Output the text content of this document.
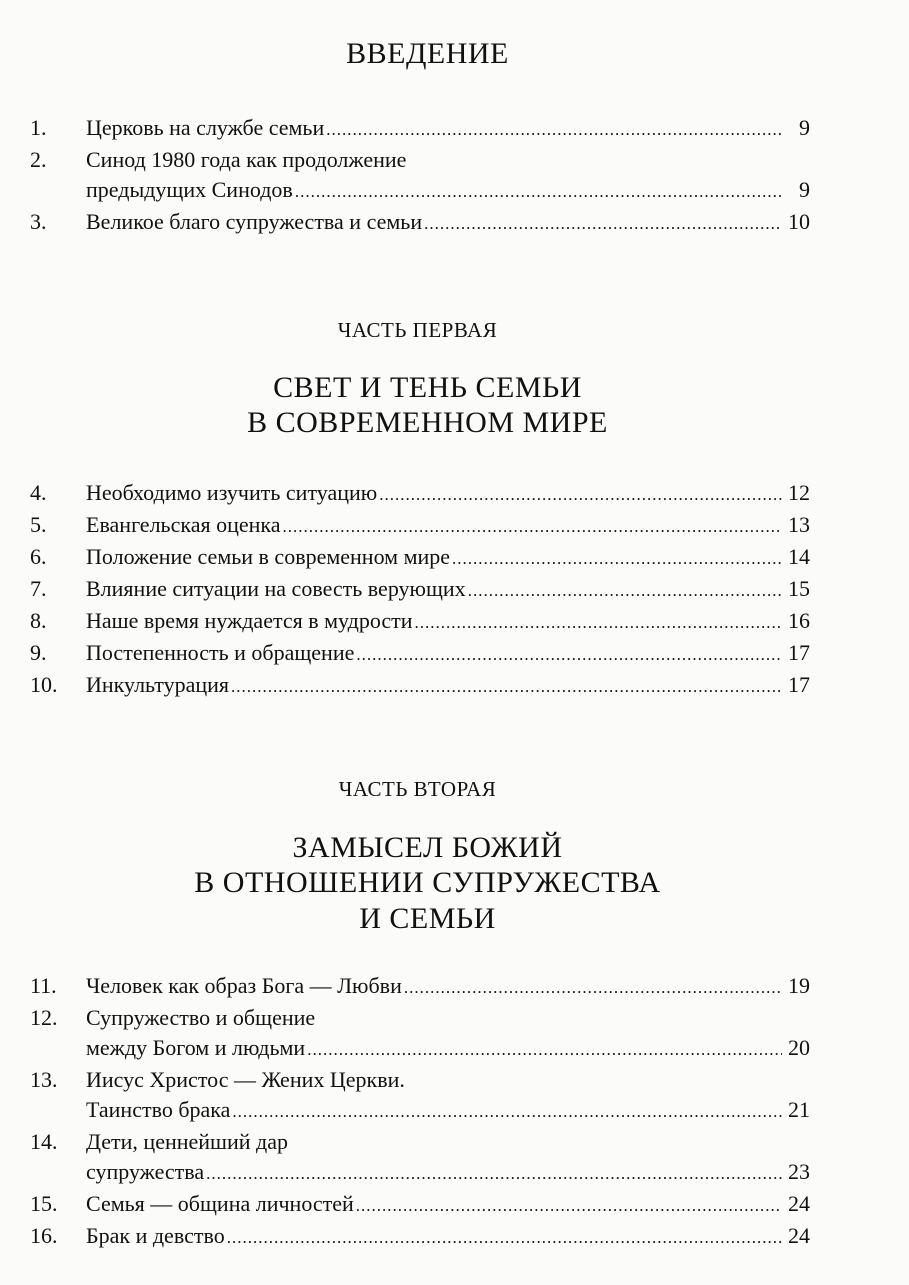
ВВЕДЕНИЕ
1. Церковь на службе семьи .....	9
2. Синод 1980 года как продолжение
предыдущих Синодов .....	9
3. Великое благо супружества и семьи .....	10
ЧАСТЬ ПЕРВАЯ
СВЕТ И ТЕНЬ СЕМЬИ
В СОВРЕМЕННОМ МИРЕ
4. Необходимо изучить ситуацию .....	12
5. Евангельская оценка .....	13
6. Положение семьи в современном мире .....	14
7. Влияние ситуации на совесть верующих .....	15
8. Наше время нуждается в мудрости .....	16
9. Постепенность и обращение .....	17
10. Инкультурация .....	17
ЧАСТЬ ВТОРАЯ
ЗАМЫСЕЛ БОЖИЙ
В ОТНОШЕНИИ СУПРУЖЕСТВА
И СЕМЬИ
11. Человек как образ Бога — Любви .....	19
12. Супружество и общение
между Богом и людьми .....	20
13. Иисус Христос — Жених Церкви.
Таинство брака .....	21
14. Дети, ценнейший дар
супружества .....	23
15. Семья — община личностей .....	24
16. Брак и девство .....	24
